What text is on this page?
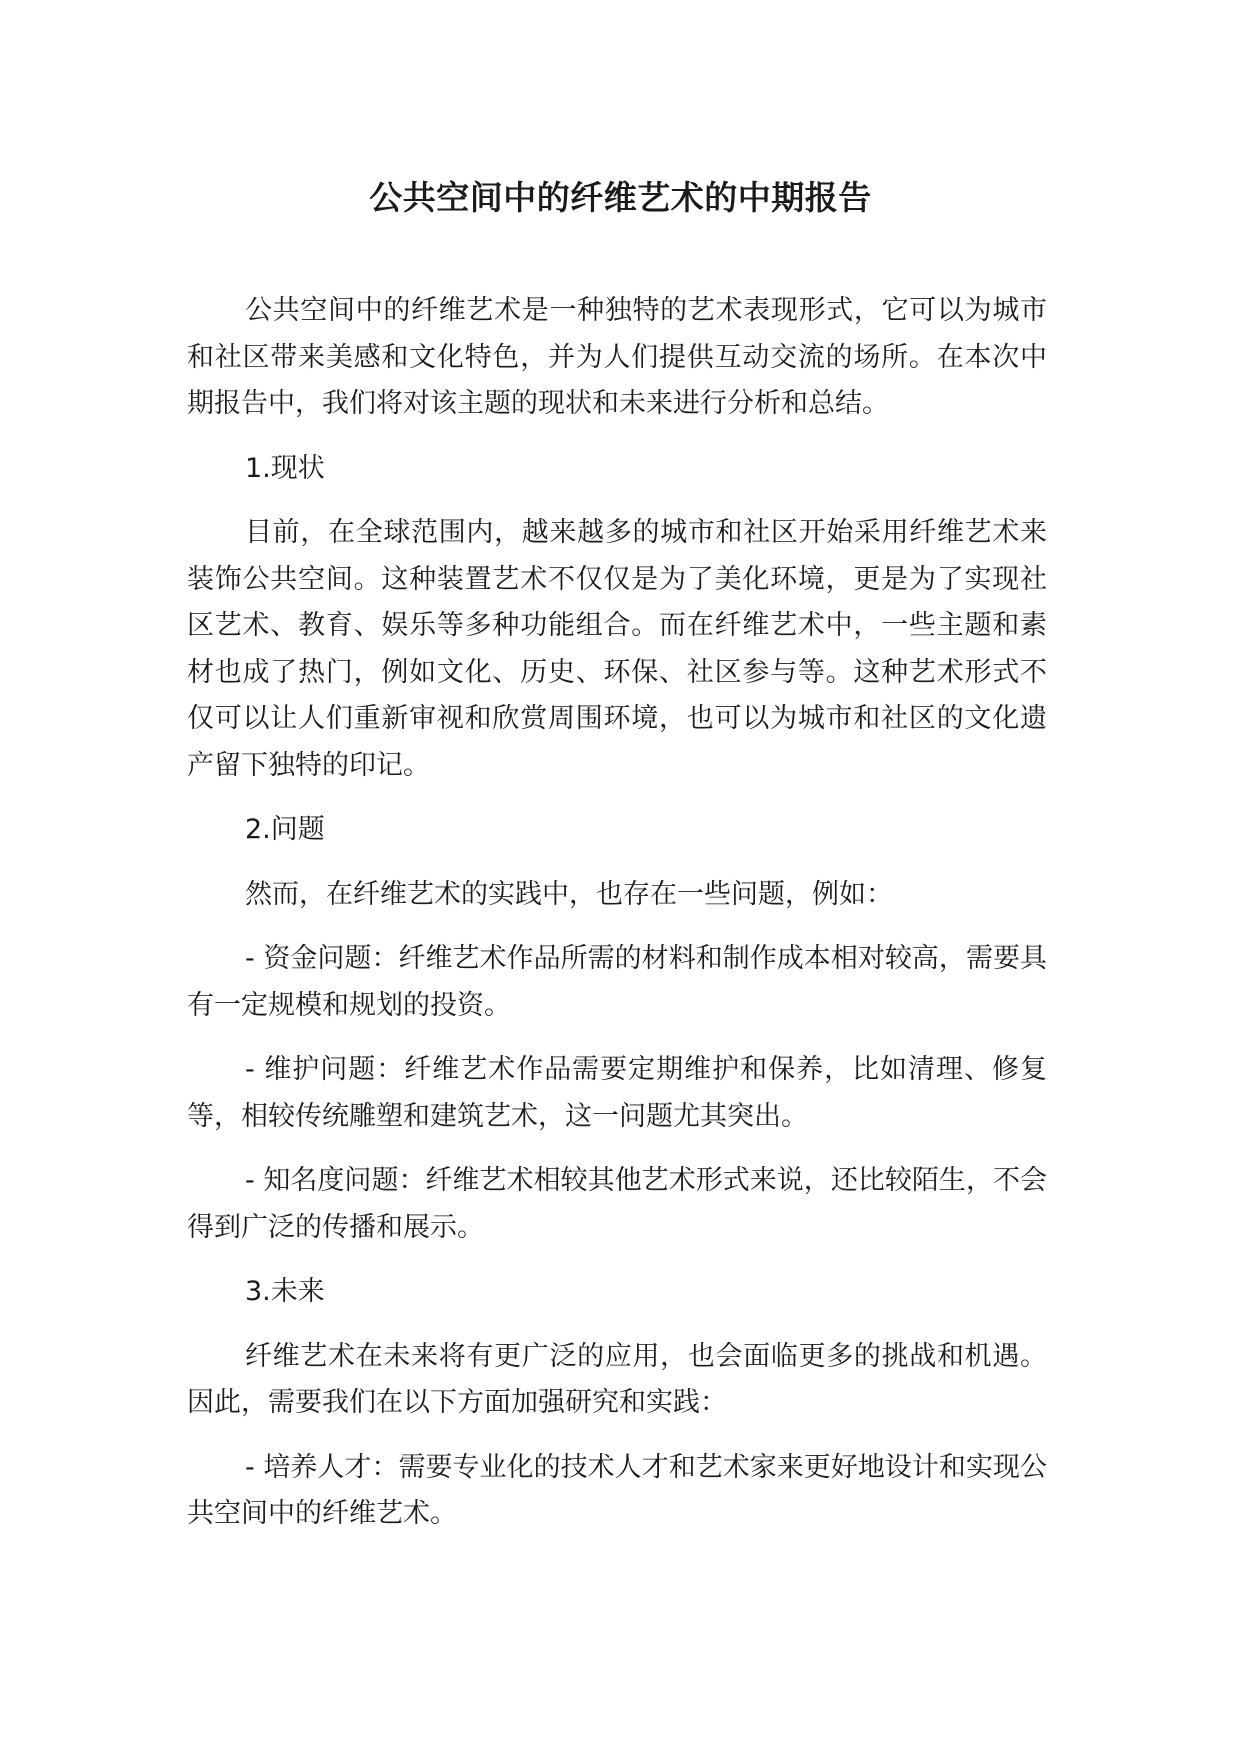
公共空间中的纤维艺术的中期报告

公共空间中的纤维艺术是一种独特的艺术表现形式，它可以为城市和社区带来美感和文化特色，并为人们提供互动交流的场所。在本次中期报告中，我们将对该主题的现状和未来进行分析和总结。

1.现状

目前，在全球范围内，越来越多的城市和社区开始采用纤维艺术来装饰公共空间。这种装置艺术不仅仅是为了美化环境，更是为了实现社区艺术、教育、娱乐等多种功能组合。而在纤维艺术中，一些主题和素材也成了热门，例如文化、历史、环保、社区参与等。这种艺术形式不仅可以让人们重新审视和欣赏周围环境，也可以为城市和社区的文化遗产留下独特的印记。

2.问题

然而，在纤维艺术的实践中，也存在一些问题，例如：

- 资金问题：纤维艺术作品所需的材料和制作成本相对较高，需要具有一定规模和规划的投资。

- 维护问题：纤维艺术作品需要定期维护和保养，比如清理、修复等，相较传统雕塑和建筑艺术，这一问题尤其突出。

- 知名度问题：纤维艺术相较其他艺术形式来说，还比较陌生，不会得到广泛的传播和展示。

3.未来

纤维艺术在未来将有更广泛的应用，也会面临更多的挑战和机遇。因此，需要我们在以下方面加强研究和实践：

- 培养人才：需要专业化的技术人才和艺术家来更好地设计和实现公共空间中的纤维艺术。
